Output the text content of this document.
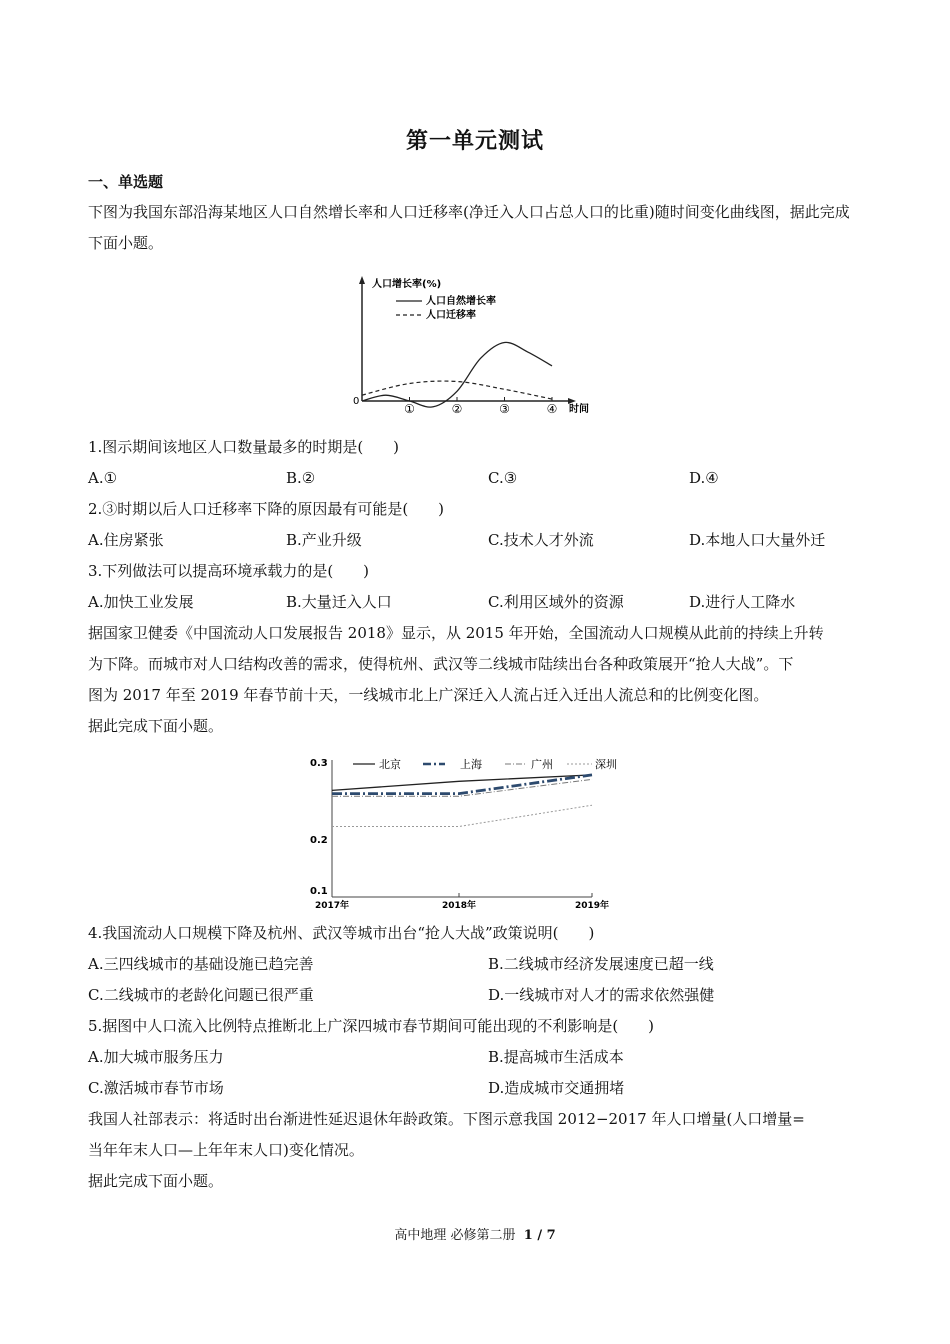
第一单元测试
一、单选题
下图为我国东部沿海某地区人口自然增长率和人口迁移率(净迁入人口占总人口的比重)随时间变化曲线图，据此完成下面小题。
人口增长率(%)
0
时间
人口自然增长率
人口迁移率
①	②	③	④
1.图示期间该地区人口数量最多的时期是(　　)
A.①	B.②	C.③	D.④
2.③时期以后人口迁移率下降的原因最有可能是(　　)
A.住房紧张	B.产业升级	C.技术人才外流	D.本地人口大量外迁
3.下列做法可以提高环境承载力的是(　　)
A.加快工业发展	B.大量迁入人口	C.利用区域外的资源	D.进行人工降水
据国家卫健委《中国流动人口发展报告 2018》显示，从 2015 年开始，全国流动人口规模从此前的持续上升转
为下降。而城市对人口结构改善的需求，使得杭州、武汉等二线城市陆续出台各种政策展开“抢人大战”。下
图为 2017 年至 2019 年春节前十天，一线城市北上广深迁入人流占迁入迁出人流总和的比例变化图。
据此完成下面小题。
0.3
0.2
0.1
北京	上海	广州	深圳
2017年	2018年	2019年
4.我国流动人口规模下降及杭州、武汉等城市出台“抢人大战”政策说明(　　)
A.三四线城市的基础设施已趋完善	B.二线城市经济发展速度已超一线
C.二线城市的老龄化问题已很严重	D.一线城市对人才的需求依然强健
5.据图中人口流入比例特点推断北上广深四城市春节期间可能出现的不利影响是(　　)
A.加大城市服务压力	B.提高城市生活成本
C.激活城市春节市场	D.造成城市交通拥堵
我国人社部表示：将适时出台渐进性延迟退休年龄政策。下图示意我国 2012−2017 年人口增量(人口增量=
当年年末人口—上年年末人口)变化情况。
据此完成下面小题。
高中地理 必修第二册 1 / 7
